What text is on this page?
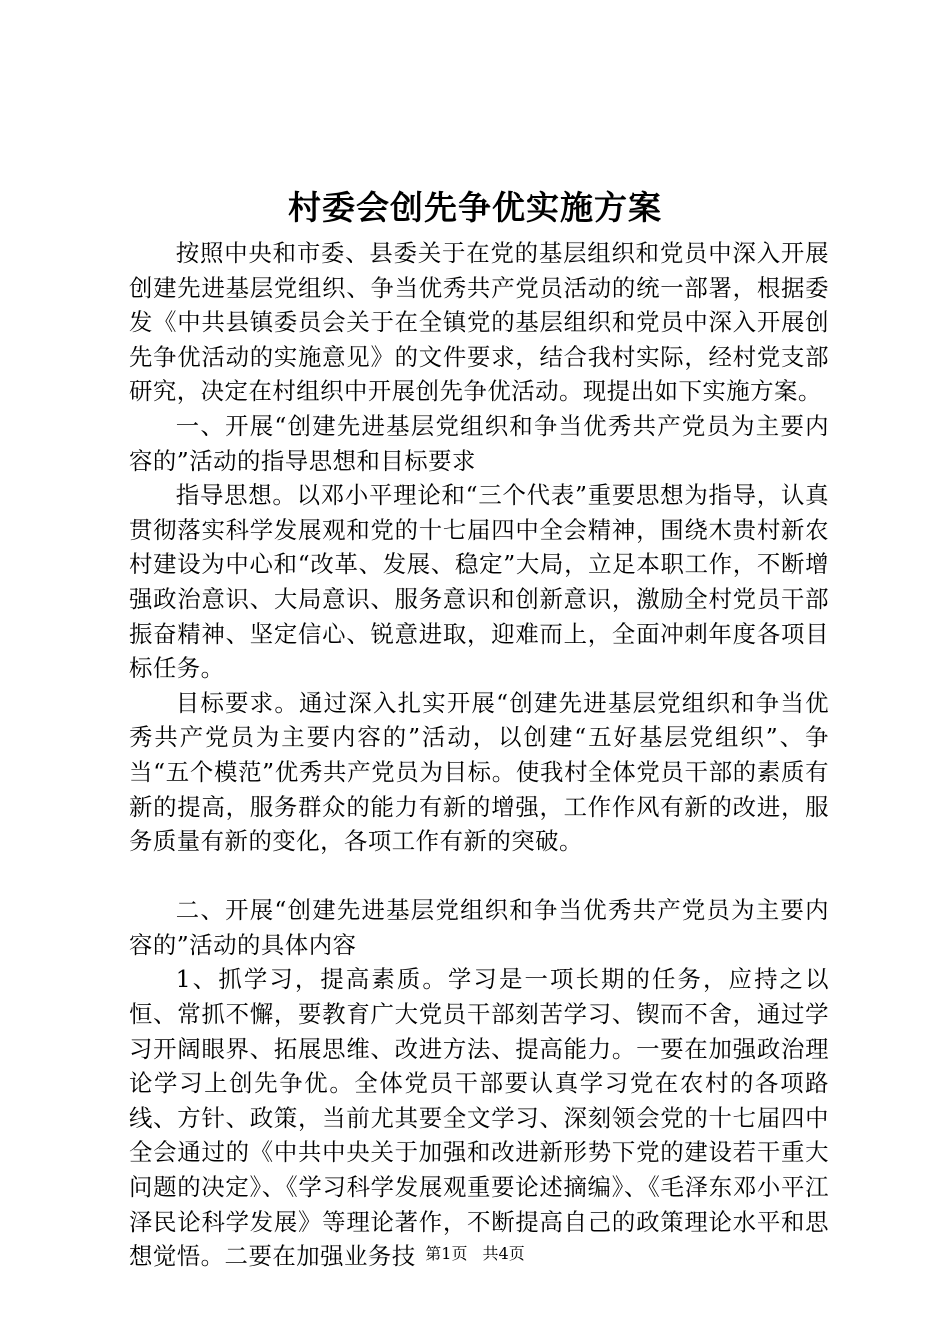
村委会创先争优实施方案

按照中央和市委、县委关于在党的基层组织和党员中深入开展创建先进基层党组织、争当优秀共产党员活动的统一部署，根据委发《中共县镇委员会关于在全镇党的基层组织和党员中深入开展创先争优活动的实施意见》的文件要求，结合我村实际，经村党支部研究，决定在村组织中开展创先争优活动。现提出如下实施方案。

一、开展“创建先进基层党组织和争当优秀共产党员为主要内容的”活动的指导思想和目标要求

指导思想。以邓小平理论和“三个代表”重要思想为指导，认真贯彻落实科学发展观和党的十七届四中全会精神，围绕木贵村新农村建设为中心和“改革、发展、稳定”大局，立足本职工作，不断增强政治意识、大局意识、服务意识和创新意识，激励全村党员干部振奋精神、坚定信心、锐意进取，迎难而上，全面冲刺年度各项目标任务。

目标要求。通过深入扎实开展“创建先进基层党组织和争当优秀共产党员为主要内容的”活动，以创建“五好基层党组织”、争当“五个模范”优秀共产党员为目标。使我村全体党员干部的素质有新的提高，服务群众的能力有新的增强，工作作风有新的改进，服务质量有新的变化，各项工作有新的突破。

二、开展“创建先进基层党组织和争当优秀共产党员为主要内容的”活动的具体内容

1、抓学习，提高素质。学习是一项长期的任务，应持之以恒、常抓不懈，要教育广大党员干部刻苦学习、锲而不舍，通过学习开阔眼界、拓展思维、改进方法、提高能力。一要在加强政治理论学习上创先争优。全体党员干部要认真学习党在农村的各项路线、方针、政策，当前尤其要全文学习、深刻领会党的十七届四中全会通过的《中共中央关于加强和改进新形势下党的建设若干重大问题的决定》、《学习科学发展观重要论述摘编》、《毛泽东邓小平江泽民论科学发展》等理论著作，不断提高自己的政策理论水平和思想觉悟。二要在加强业务技 第1页 共4页
